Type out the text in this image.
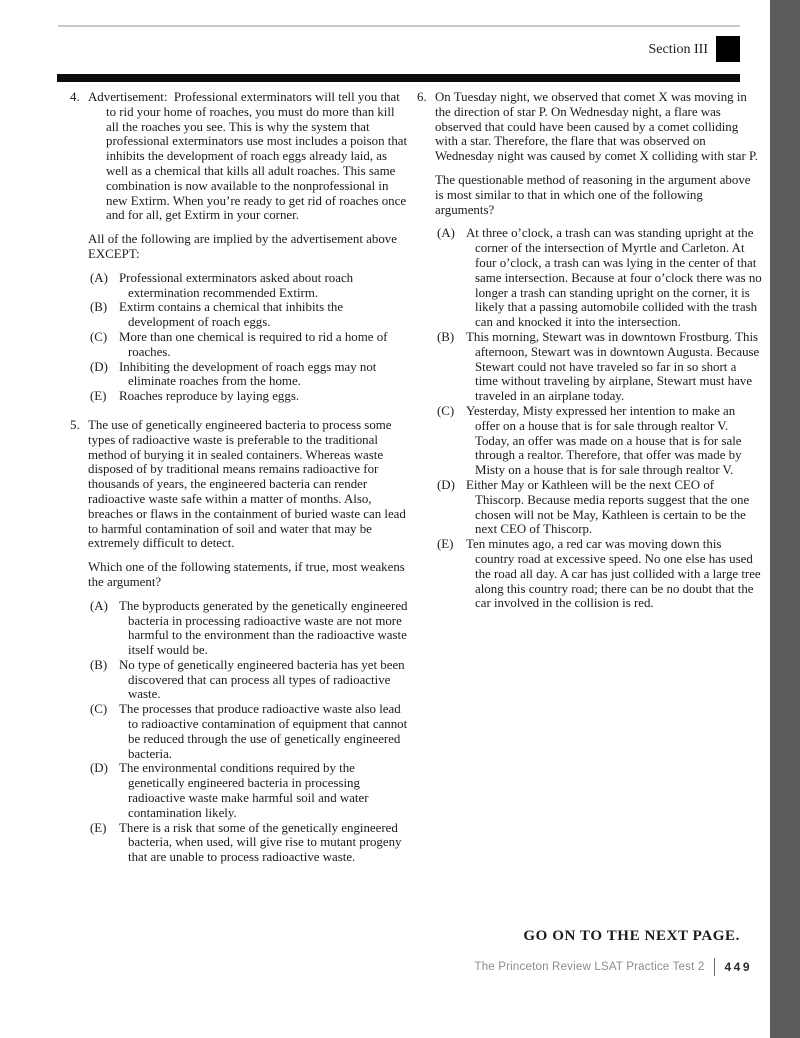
Section III
4. Advertisement:  Professional exterminators will tell you that to rid your home of roaches, you must do more than kill all the roaches you see. This is why the system that professional exterminators use most includes a poison that inhibits the development of roach eggs already laid, as well as a chemical that kills all adult roaches. This same combination is now available to the nonprofessional in new Extirm. When you’re ready to get rid of roaches once and for all, get Extirm in your corner.

All of the following are implied by the advertisement above EXCEPT:

(A) Professional exterminators asked about roach extermination recommended Extirm.
(B) Extirm contains a chemical that inhibits the development of roach eggs.
(C) More than one chemical is required to rid a home of roaches.
(D) Inhibiting the development of roach eggs may not eliminate roaches from the home.
(E) Roaches reproduce by laying eggs.
5. The use of genetically engineered bacteria to process some types of radioactive waste is preferable to the traditional method of burying it in sealed containers. Whereas waste disposed of by traditional means remains radioactive for thousands of years, the engineered bacteria can render radioactive waste safe within a matter of months. Also, breaches or flaws in the containment of buried waste can lead to harmful contamination of soil and water that may be extremely difficult to detect.

Which one of the following statements, if true, most weakens the argument?

(A) The byproducts generated by the genetically engineered bacteria in processing radioactive waste are not more harmful to the environment than the radioactive waste itself would be.
(B) No type of genetically engineered bacteria has yet been discovered that can process all types of radioactive waste.
(C) The processes that produce radioactive waste also lead to radioactive contamination of equipment that cannot be reduced through the use of genetically engineered bacteria.
(D) The environmental conditions required by the genetically engineered bacteria in processing radioactive waste make harmful soil and water contamination likely.
(E) There is a risk that some of the genetically engineered bacteria, when used, will give rise to mutant progeny that are unable to process radioactive waste.
6. On Tuesday night, we observed that comet X was moving in the direction of star P. On Wednesday night, a flare was observed that could have been caused by a comet colliding with a star. Therefore, the flare that was observed on Wednesday night was caused by comet X colliding with star P.

The questionable method of reasoning in the argument above is most similar to that in which one of the following arguments?

(A) At three o’clock, a trash can was standing upright at the corner of the intersection of Myrtle and Carleton. At four o’clock, a trash can was lying in the center of that same intersection. Because at four o’clock there was no longer a trash can standing upright on the corner, it is likely that a passing automobile collided with the trash can and knocked it into the intersection.
(B) This morning, Stewart was in downtown Frostburg. This afternoon, Stewart was in downtown Augusta. Because Stewart could not have traveled so far in so short a time without traveling by airplane, Stewart must have traveled in an airplane today.
(C) Yesterday, Misty expressed her intention to make an offer on a house that is for sale through realtor V. Today, an offer was made on a house that is for sale through a realtor. Therefore, that offer was made by Misty on a house that is for sale through realtor V.
(D) Either May or Kathleen will be the next CEO of Thiscorp. Because media reports suggest that the one chosen will not be May, Kathleen is certain to be the next CEO of Thiscorp.
(E) Ten minutes ago, a red car was moving down this country road at excessive speed. No one else has used the road all day. A car has just collided with a large tree along this country road; there can be no doubt that the car involved in the collision is red.
GO ON TO THE NEXT PAGE.
The Princeton Review LSAT Practice Test 2 449
